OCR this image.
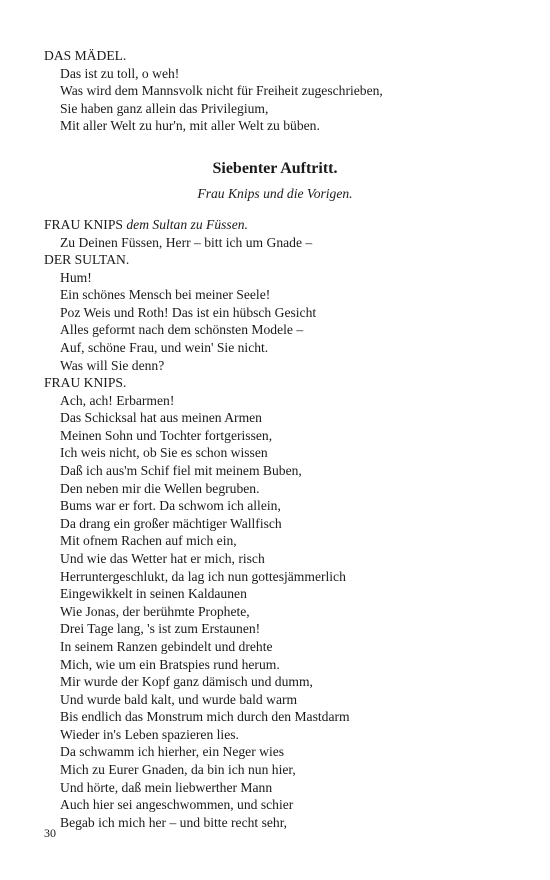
DAS MÄDEL.
Das ist zu toll, o weh!
Was wird dem Mannsvolk nicht für Freiheit zugeschrieben,
Sie haben ganz allein das Privilegium,
Mit aller Welt zu hur'n, mit aller Welt zu büben.
Siebenter Auftritt.
Frau Knips und die Vorigen.
FRAU KNIPS dem Sultan zu Füssen.
Zu Deinen Füssen, Herr – bitt ich um Gnade –
DER SULTAN.
Hum!
Ein schönes Mensch bei meiner Seele!
Poz Weis und Roth! Das ist ein hübsch Gesicht
Alles geformt nach dem schönsten Modele –
Auf, schöne Frau, und wein' Sie nicht.
Was will Sie denn?
FRAU KNIPS.
Ach, ach! Erbarmen!
Das Schicksal hat aus meinen Armen
Meinen Sohn und Tochter fortgerissen,
Ich weis nicht, ob Sie es schon wissen
Daß ich aus'm Schif fiel mit meinem Buben,
Den neben mir die Wellen begruben.
Bums war er fort. Da schwom ich allein,
Da drang ein großer mächtiger Wallfisch
Mit ofnem Rachen auf mich ein,
Und wie das Wetter hat er mich, risch
Herruntergeschlukt, da lag ich nun gottesjämmerlich
Eingewikkelt in seinen Kaldaunen
Wie Jonas, der berühmte Prophete,
Drei Tage lang, 's ist zum Erstaunen!
In seinem Ranzen gebindelt und drehte
Mich, wie um ein Bratspies rund herum.
Mir wurde der Kopf ganz dämisch und dumm,
Und wurde bald kalt, und wurde bald warm
Bis endlich das Monstrum mich durch den Mastdarm
Wieder in's Leben spazieren lies.
Da schwamm ich hierher, ein Neger wies
Mich zu Eurer Gnaden, da bin ich nun hier,
Und hörte, daß mein liebwerther Mann
Auch hier sei angeschwommen, und schier
Begab ich mich her – und bitte recht sehr,
30
